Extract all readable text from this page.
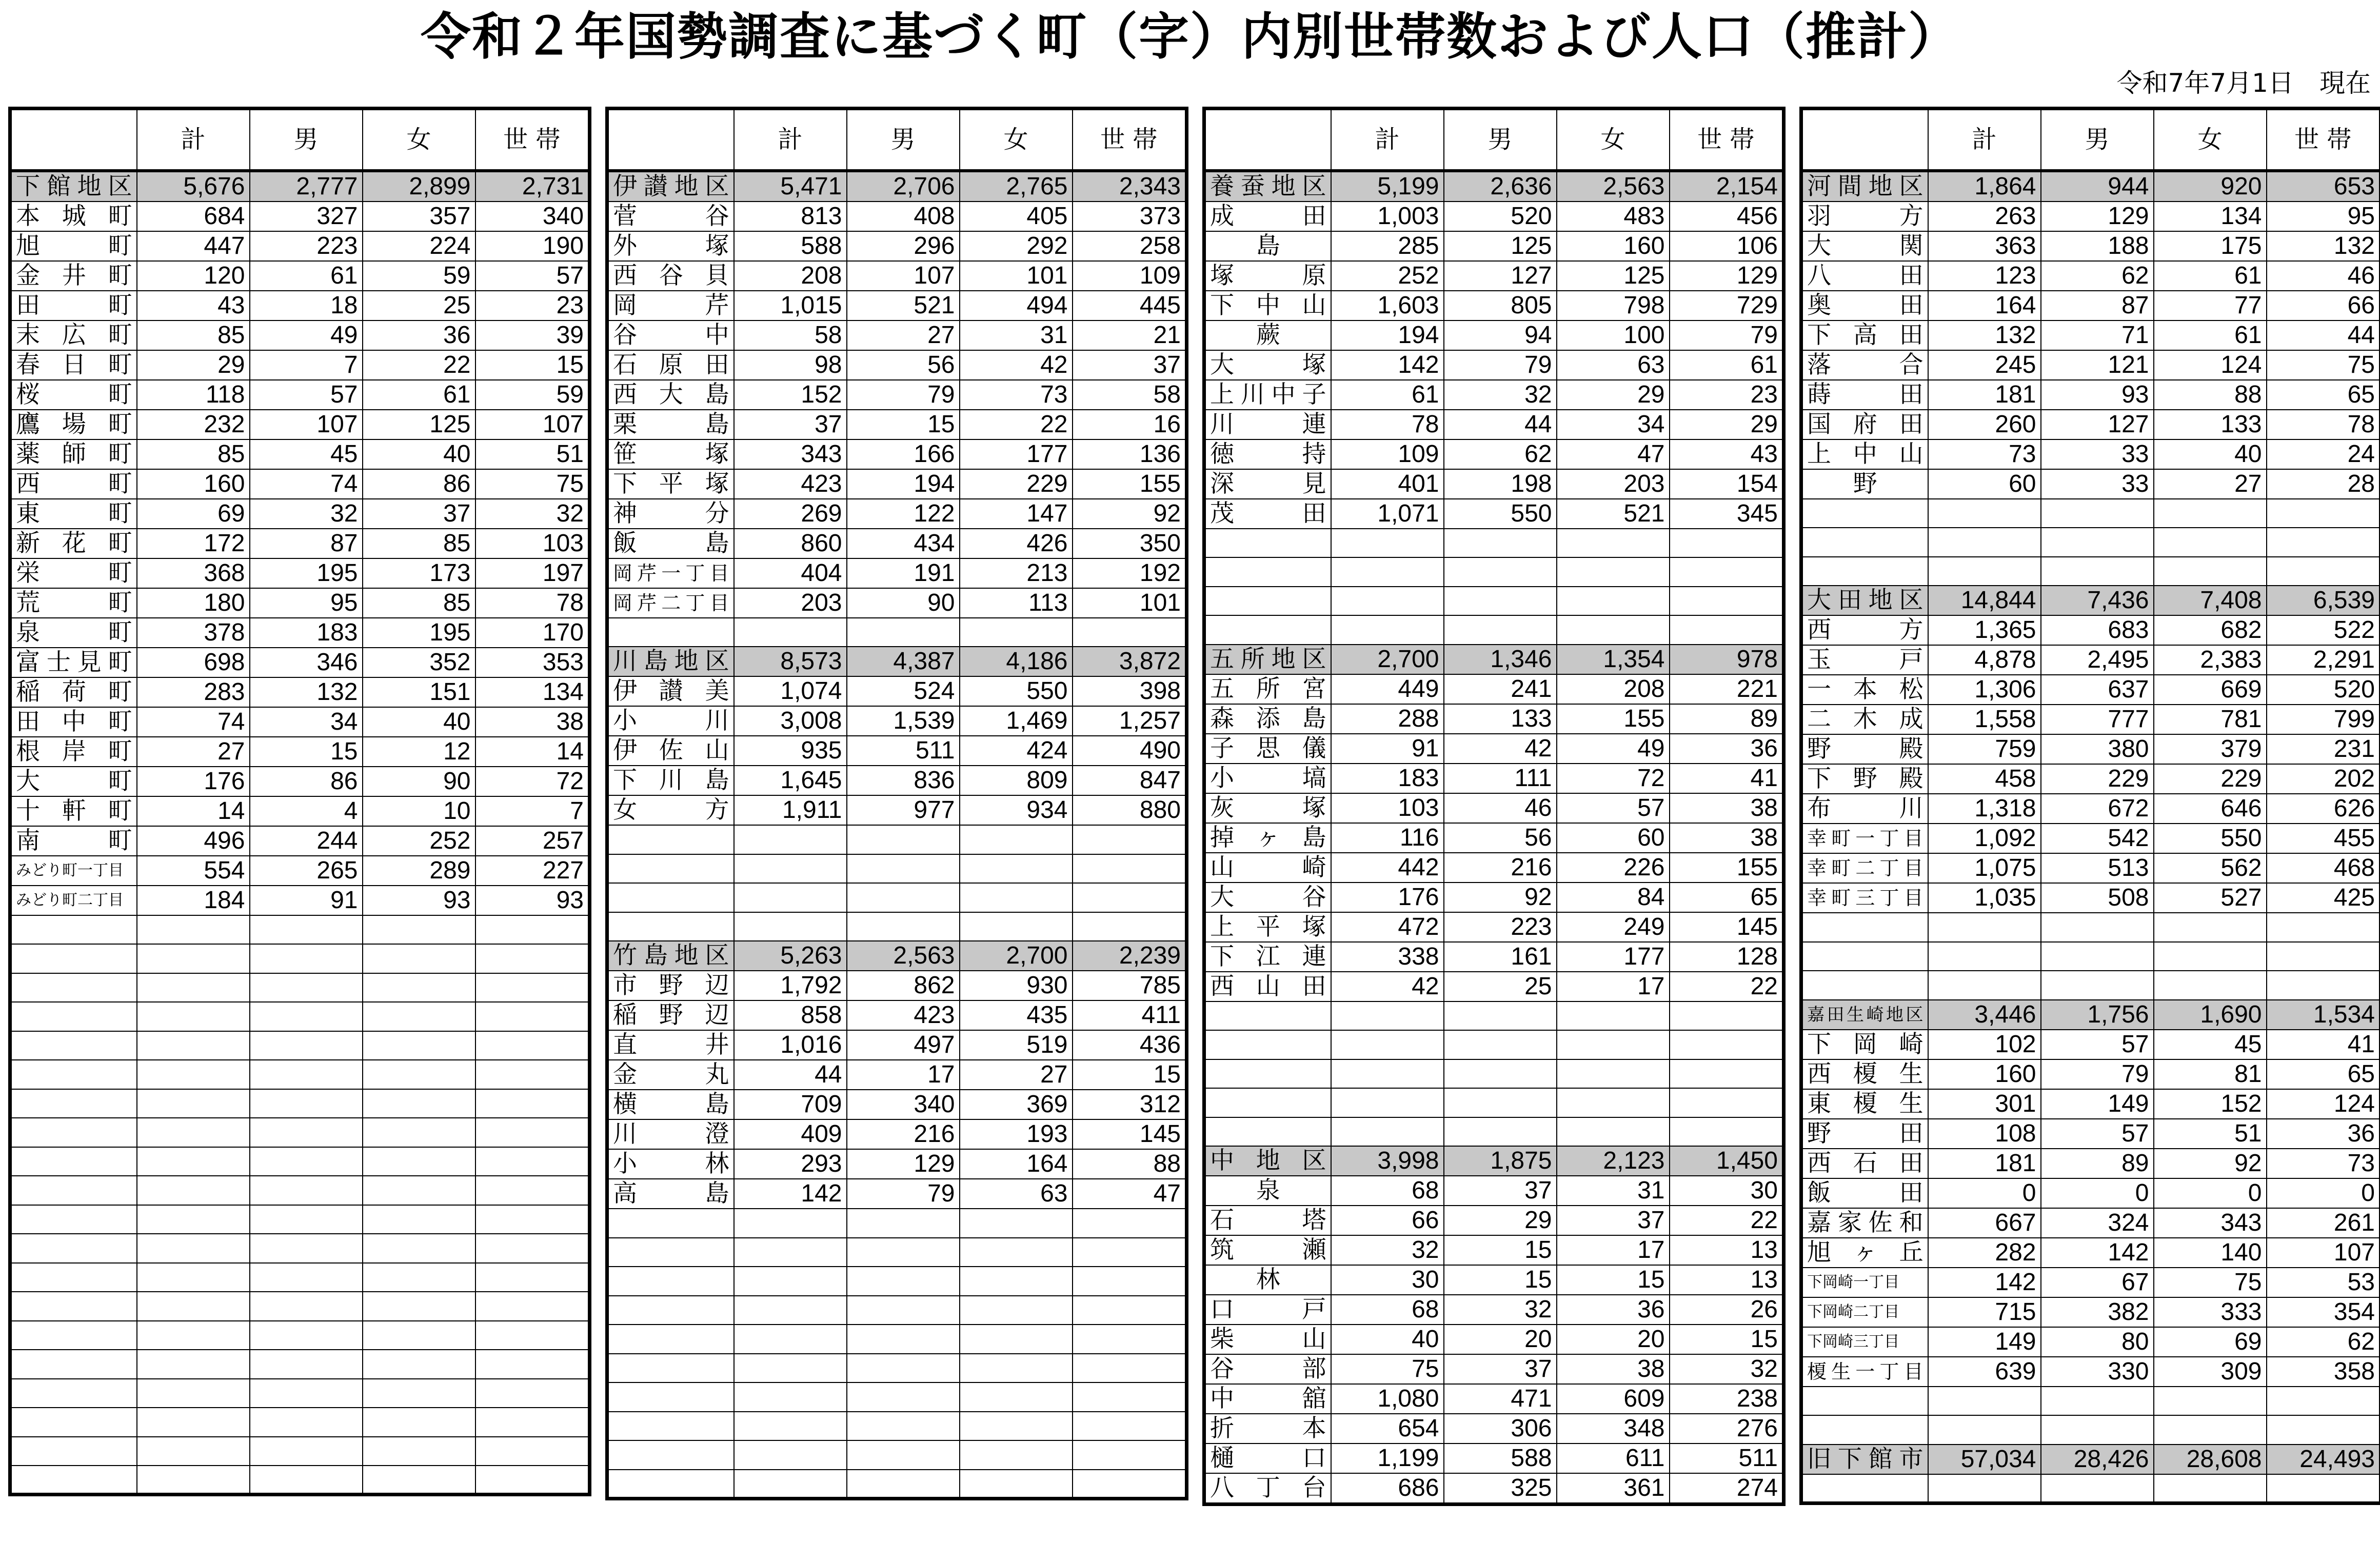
令和２年国勢調査に基づく町（字）内別世帯数および人口（推計）
令和7年7月1日　現在
	計	男	女	世 帯
下館地区	5,676	2,777	2,899	2,731
本城町	684	327	357	340
旭町	447	223	224	190
金井町	120	61	59	57
田町	43	18	25	23
末広町	85	49	36	39
春日町	29	7	22	15
桜町	118	57	61	59
鷹場町	232	107	125	107
薬師町	85	45	40	51
西町	160	74	86	75
東町	69	32	37	32
新花町	172	87	85	103
栄町	368	195	173	197
荒町	180	95	85	78
泉町	378	183	195	170
富士見町	698	346	352	353
稲荷町	283	132	151	134
田中町	74	34	40	38
根岸町	27	15	12	14
大町	176	86	90	72
十軒町	14	4	10	7
南町	496	244	252	257
みどり町一丁目	554	265	289	227
みどり町二丁目	184	91	93	93

	計	男	女	世 帯
伊讃地区	5,471	2,706	2,765	2,343
菅谷	813	408	405	373
外塚	588	296	292	258
西谷貝	208	107	101	109
岡芹	1,015	521	494	445
谷中	58	27	31	21
石原田	98	56	42	37
西大島	152	79	73	58
栗島	37	15	22	16
笹塚	343	166	177	136
下平塚	423	194	229	155
神分	269	122	147	92
飯島	860	434	426	350
岡芹一丁目	404	191	213	192
岡芹二丁目	203	90	113	101

川島地区	8,573	4,387	4,186	3,872
伊讃美	1,074	524	550	398
小川	3,008	1,539	1,469	1,257
伊佐山	935	511	424	490
下川島	1,645	836	809	847
女方	1,911	977	934	880

竹島地区	5,263	2,563	2,700	2,239
市野辺	1,792	862	930	785
稲野辺	858	423	435	411
直井	1,016	497	519	436
金丸	44	17	27	15
横島	709	340	369	312
川澄	409	216	193	145
小林	293	129	164	88
高島	142	79	63	47

	計	男	女	世 帯
養蚕地区	5,199	2,636	2,563	2,154
成田	1,003	520	483	456
島	285	125	160	106
塚原	252	127	125	129
下中山	1,603	805	798	729
蕨	194	94	100	79
大塚	142	79	63	61
上川中子	61	32	29	23
川連	78	44	34	29
徳持	109	62	47	43
深見	401	198	203	154
茂田	1,071	550	521	345

五所地区	2,700	1,346	1,354	978
五所宮	449	241	208	221
森添島	288	133	155	89
子思儀	91	42	49	36
小塙	183	111	72	41
灰塚	103	46	57	38
掉ヶ島	116	56	60	38
山崎	442	216	226	155
大谷	176	92	84	65
上平塚	472	223	249	145
下江連	338	161	177	128
西山田	42	25	17	22

中 地 区	3,998	1,875	2,123	1,450
泉	68	37	31	30
石塔	66	29	37	22
筑瀬	32	15	17	13
林	30	15	15	13
口戸	68	32	36	26
柴山	40	20	20	15
谷部	75	37	38	32
中舘	1,080	471	609	238
折本	654	306	348	276
樋口	1,199	588	611	511
八丁台	686	325	361	274
	計	男	女	世 帯
河間地区	1,864	944	920	653
羽方	263	129	134	95
大関	363	188	175	132
八田	123	62	61	46
奥田	164	87	77	66
下高田	132	71	61	44
落合	245	121	124	75
蒔田	181	93	88	65
国府田	260	127	133	78
上中山	73	33	40	24
野	60	33	27	28

大田地区	14,844	7,436	7,408	6,539
西方	1,365	683	682	522
玉戸	4,878	2,495	2,383	2,291
一本松	1,306	637	669	520
二木成	1,558	777	781	799
野殿	759	380	379	231
下野殿	458	229	229	202
布川	1,318	672	646	626
幸町一丁目	1,092	542	550	455
幸町二丁目	1,075	513	562	468
幸町三丁目	1,035	508	527	425

嘉田生崎地区	3,446	1,756	1,690	1,534
下岡崎	102	57	45	41
西榎生	160	79	81	65
東榎生	301	149	152	124
野田	108	57	51	36
西石田	181	89	92	73
飯田	0	0	0	0
嘉家佐和	667	324	343	261
旭ヶ丘	282	142	140	107
下岡崎一丁目	142	67	75	53
下岡崎二丁目	715	382	333	354
下岡崎三丁目	149	80	69	62
榎生一丁目	639	330	309	358

旧下館市	57,034	28,426	28,608	24,493
